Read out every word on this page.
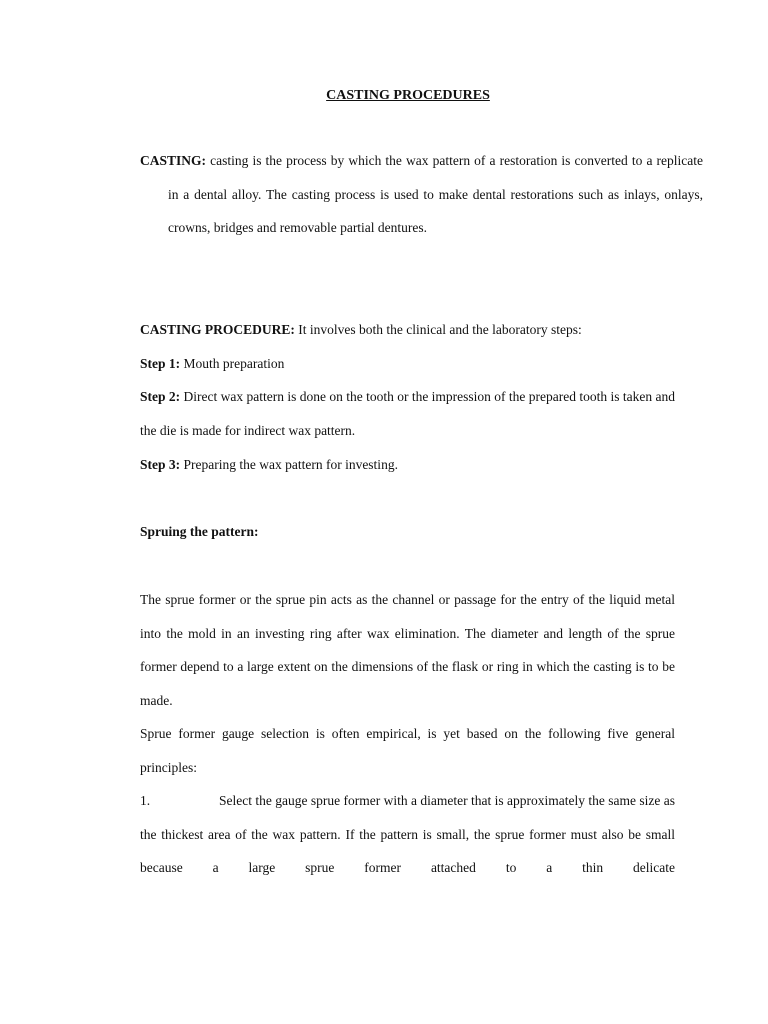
CASTING PROCEDURES

CASTING: casting is the process by which the wax pattern of a restoration is converted to a replicate in a dental alloy. The casting process is used to make dental restorations such as inlays, onlays, crowns, bridges and removable partial dentures.

CASTING PROCEDURE: It involves both the clinical and the laboratory steps:

Step 1: Mouth preparation

Step 2: Direct wax pattern is done on the tooth or the impression of the prepared tooth is taken and the die is made for indirect wax pattern.

Step 3: Preparing the wax pattern for investing.

Spruing the pattern:

The sprue former or the sprue pin acts as the channel or passage for the entry of the liquid metal into the mold in an investing ring after wax elimination. The diameter and length of the sprue former depend to a large extent on the dimensions of the flask or ring in which the casting is to be made.

Sprue former gauge selection is often empirical, is yet based on the following five general principles:

1.	Select the gauge sprue former with a diameter that is approximately the same size as the thickest area of the wax pattern. If the pattern is small, the sprue former must also be small because a large sprue former attached to a thin delicate
